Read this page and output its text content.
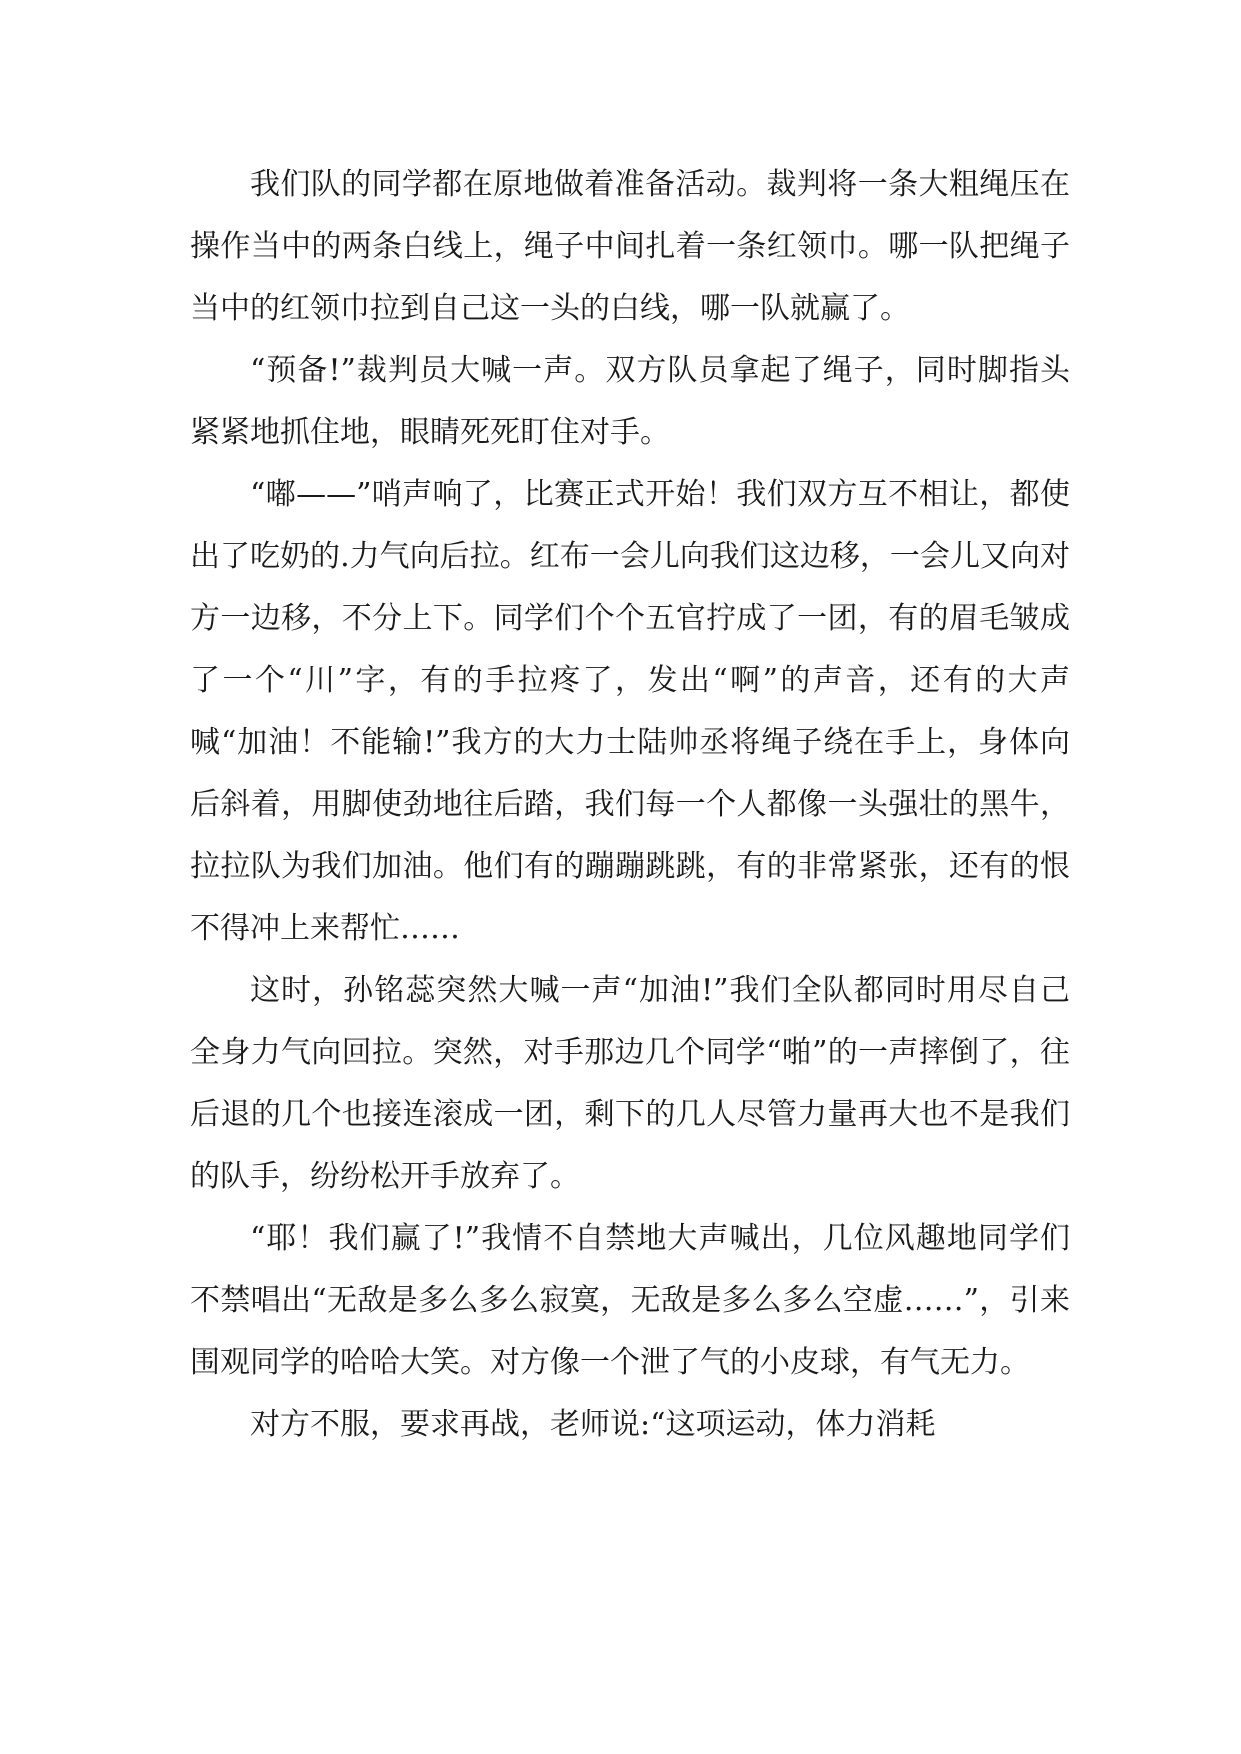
我们队的同学都在原地做着准备活动。裁判将一条大粗绳压在操作当中的两条白线上，绳子中间扎着一条红领巾。哪一队把绳子当中的红领巾拉到自己这一头的白线，哪一队就赢了。

“预备!”裁判员大喊一声。双方队员拿起了绳子，同时脚指头紧紧地抓住地，眼睛死死盯住对手。

“嘟——”哨声响了，比赛正式开始！我们双方互不相让，都使出了吃奶的.力气向后拉。红布一会儿向我们这边移，一会儿又向对方一边移，不分上下。同学们个个五官拧成了一团，有的眉毛皱成了一个“川”字，有的手拉疼了，发出“啊”的声音，还有的大声喊“加油！不能输!”我方的大力士陆帅丞将绳子绕在手上，身体向后斜着，用脚使劲地往后踏，我们每一个人都像一头强壮的黑牛，拉拉队为我们加油。他们有的蹦蹦跳跳，有的非常紧张，还有的恨不得冲上来帮忙……

这时，孙铭蕊突然大喊一声“加油!”我们全队都同时用尽自己全身力气向回拉。突然，对手那边几个同学“啪”的一声摔倒了，往后退的几个也接连滚成一团，剩下的几人尽管力量再大也不是我们的队手，纷纷松开手放弃了。

“耶！我们赢了!”我情不自禁地大声喊出，几位风趣地同学们不禁唱出“无敌是多么多么寂寞，无敌是多么多么空虚……”，引来围观同学的哈哈大笑。对方像一个泄了气的小皮球，有气无力。

对方不服，要求再战，老师说:“这项运动，体力消耗
